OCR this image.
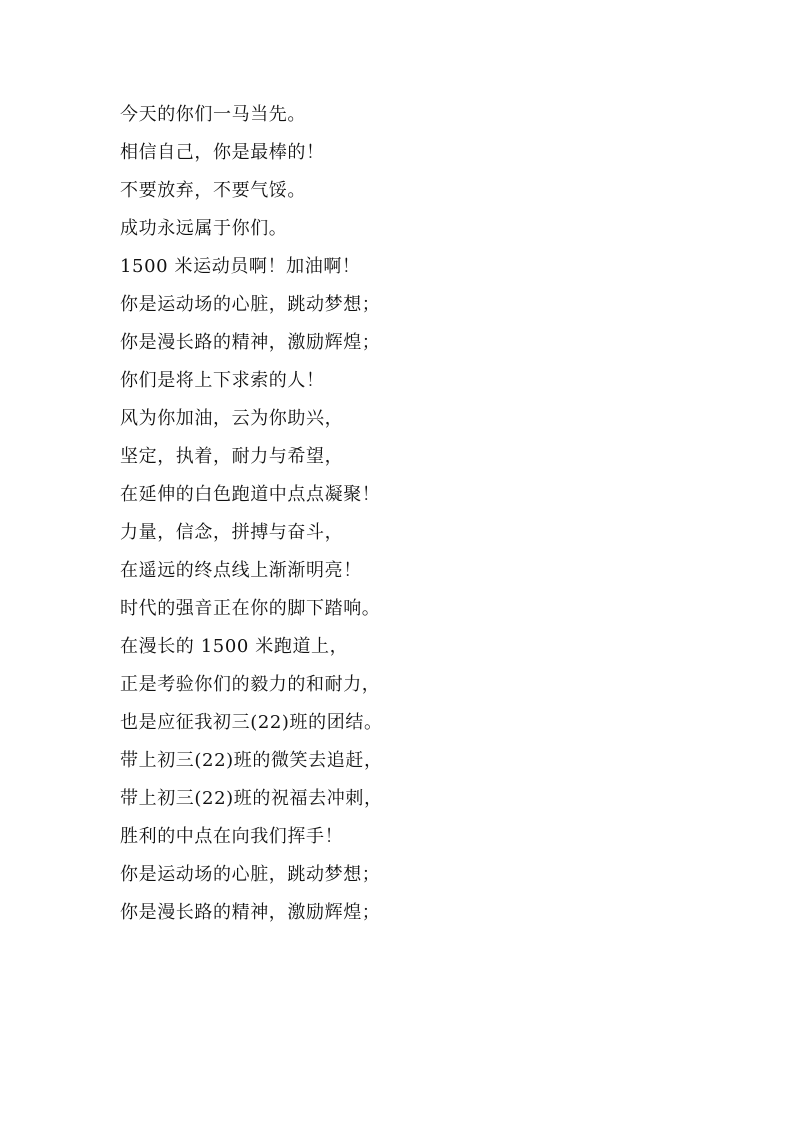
今天的你们一马当先。
相信自己，你是最棒的！
不要放弃，不要气馁。
成功永远属于你们。
1500 米运动员啊！加油啊！
你是运动场的心脏，跳动梦想；
你是漫长路的精神，激励辉煌；
你们是将上下求索的人！
风为你加油，云为你助兴，
坚定，执着，耐力与希望，
在延伸的白色跑道中点点凝聚！
力量，信念，拼搏与奋斗，
在遥远的终点线上渐渐明亮！
时代的强音正在你的脚下踏响。
在漫长的 1500 米跑道上，
正是考验你们的毅力的和耐力，
也是应征我初三(22)班的团结。
带上初三(22)班的微笑去追赶，
带上初三(22)班的祝福去冲刺，
胜利的中点在向我们挥手！
你是运动场的心脏，跳动梦想；
你是漫长路的精神，激励辉煌；
